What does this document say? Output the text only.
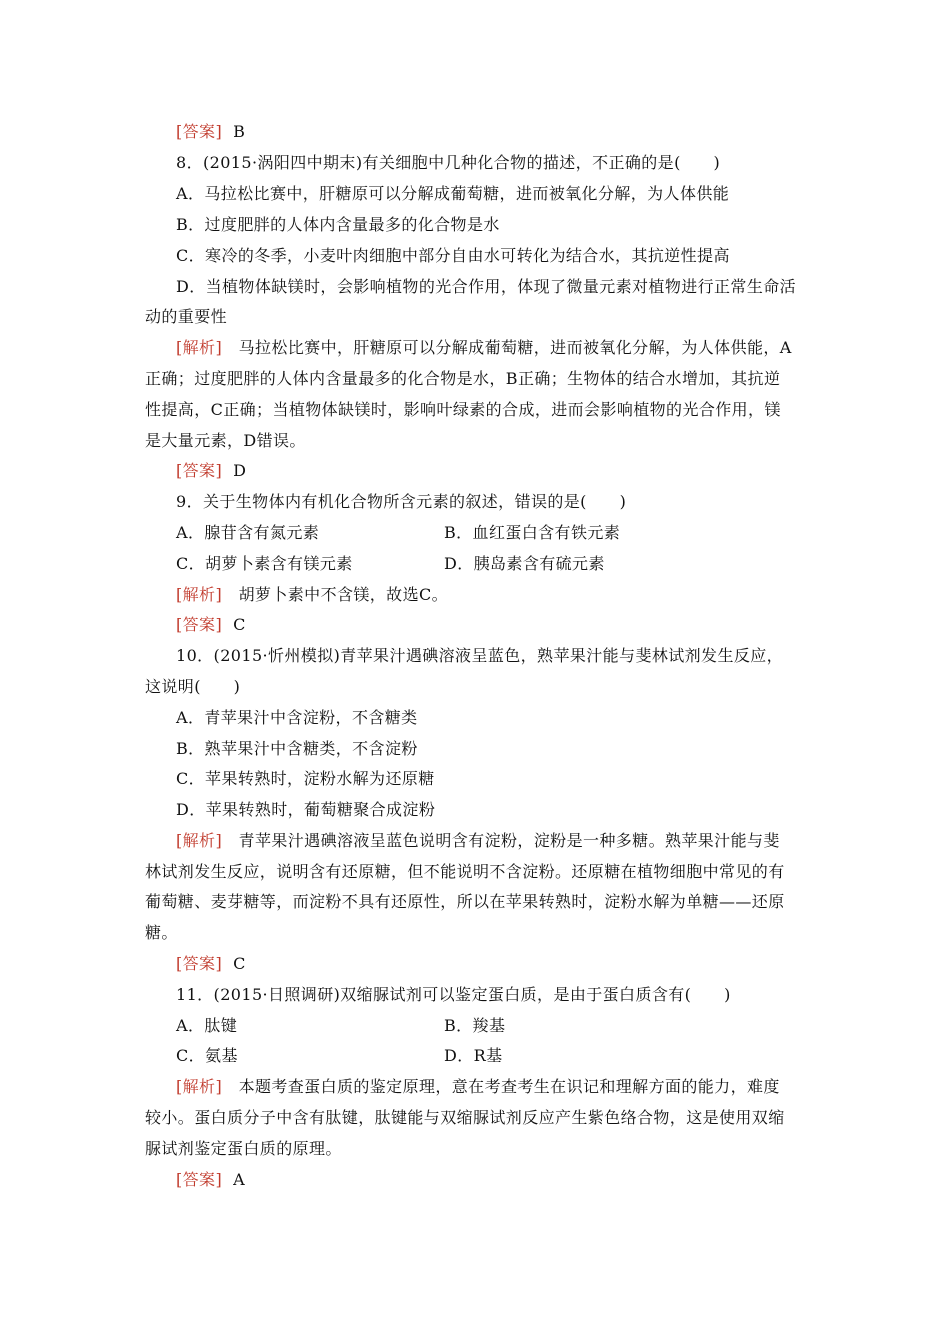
[答案] B
8．(2015·涡阳四中期末)有关细胞中几种化合物的描述，不正确的是(　　)
A．马拉松比赛中，肝糖原可以分解成葡萄糖，进而被氧化分解，为人体供能
B．过度肥胖的人体内含量最多的化合物是水
C．寒冷的冬季，小麦叶肉细胞中部分自由水可转化为结合水，其抗逆性提高
D．当植物体缺镁时，会影响植物的光合作用，体现了微量元素对植物进行正常生命活
动的重要性
[解析] 马拉松比赛中，肝糖原可以分解成葡萄糖，进而被氧化分解，为人体供能，A
正确；过度肥胖的人体内含量最多的化合物是水，B正确；生物体的结合水增加，其抗逆
性提高，C正确；当植物体缺镁时，影响叶绿素的合成，进而会影响植物的光合作用，镁
是大量元素，D错误。
[答案] D
9．关于生物体内有机化合物所含元素的叙述，错误的是(　　)
A．腺苷含有氮元素	B．血红蛋白含有铁元素
C．胡萝卜素含有镁元素	D．胰岛素含有硫元素
[解析] 胡萝卜素中不含镁，故选C。
[答案] C
10．(2015·忻州模拟)青苹果汁遇碘溶液呈蓝色，熟苹果汁能与斐林试剂发生反应，
这说明(　　)
A．青苹果汁中含淀粉，不含糖类
B．熟苹果汁中含糖类，不含淀粉
C．苹果转熟时，淀粉水解为还原糖
D．苹果转熟时，葡萄糖聚合成淀粉
[解析] 青苹果汁遇碘溶液呈蓝色说明含有淀粉，淀粉是一种多糖。熟苹果汁能与斐
林试剂发生反应，说明含有还原糖，但不能说明不含淀粉。还原糖在植物细胞中常见的有
葡萄糖、麦芽糖等，而淀粉不具有还原性，所以在苹果转熟时，淀粉水解为单糖——还原
糖。
[答案] C
11．(2015·日照调研)双缩脲试剂可以鉴定蛋白质，是由于蛋白质含有(　　)
A．肽键	B．羧基
C．氨基	D．R基
[解析] 本题考查蛋白质的鉴定原理，意在考查考生在识记和理解方面的能力，难度
较小。蛋白质分子中含有肽键，肽键能与双缩脲试剂反应产生紫色络合物，这是使用双缩
脲试剂鉴定蛋白质的原理。
[答案] A
